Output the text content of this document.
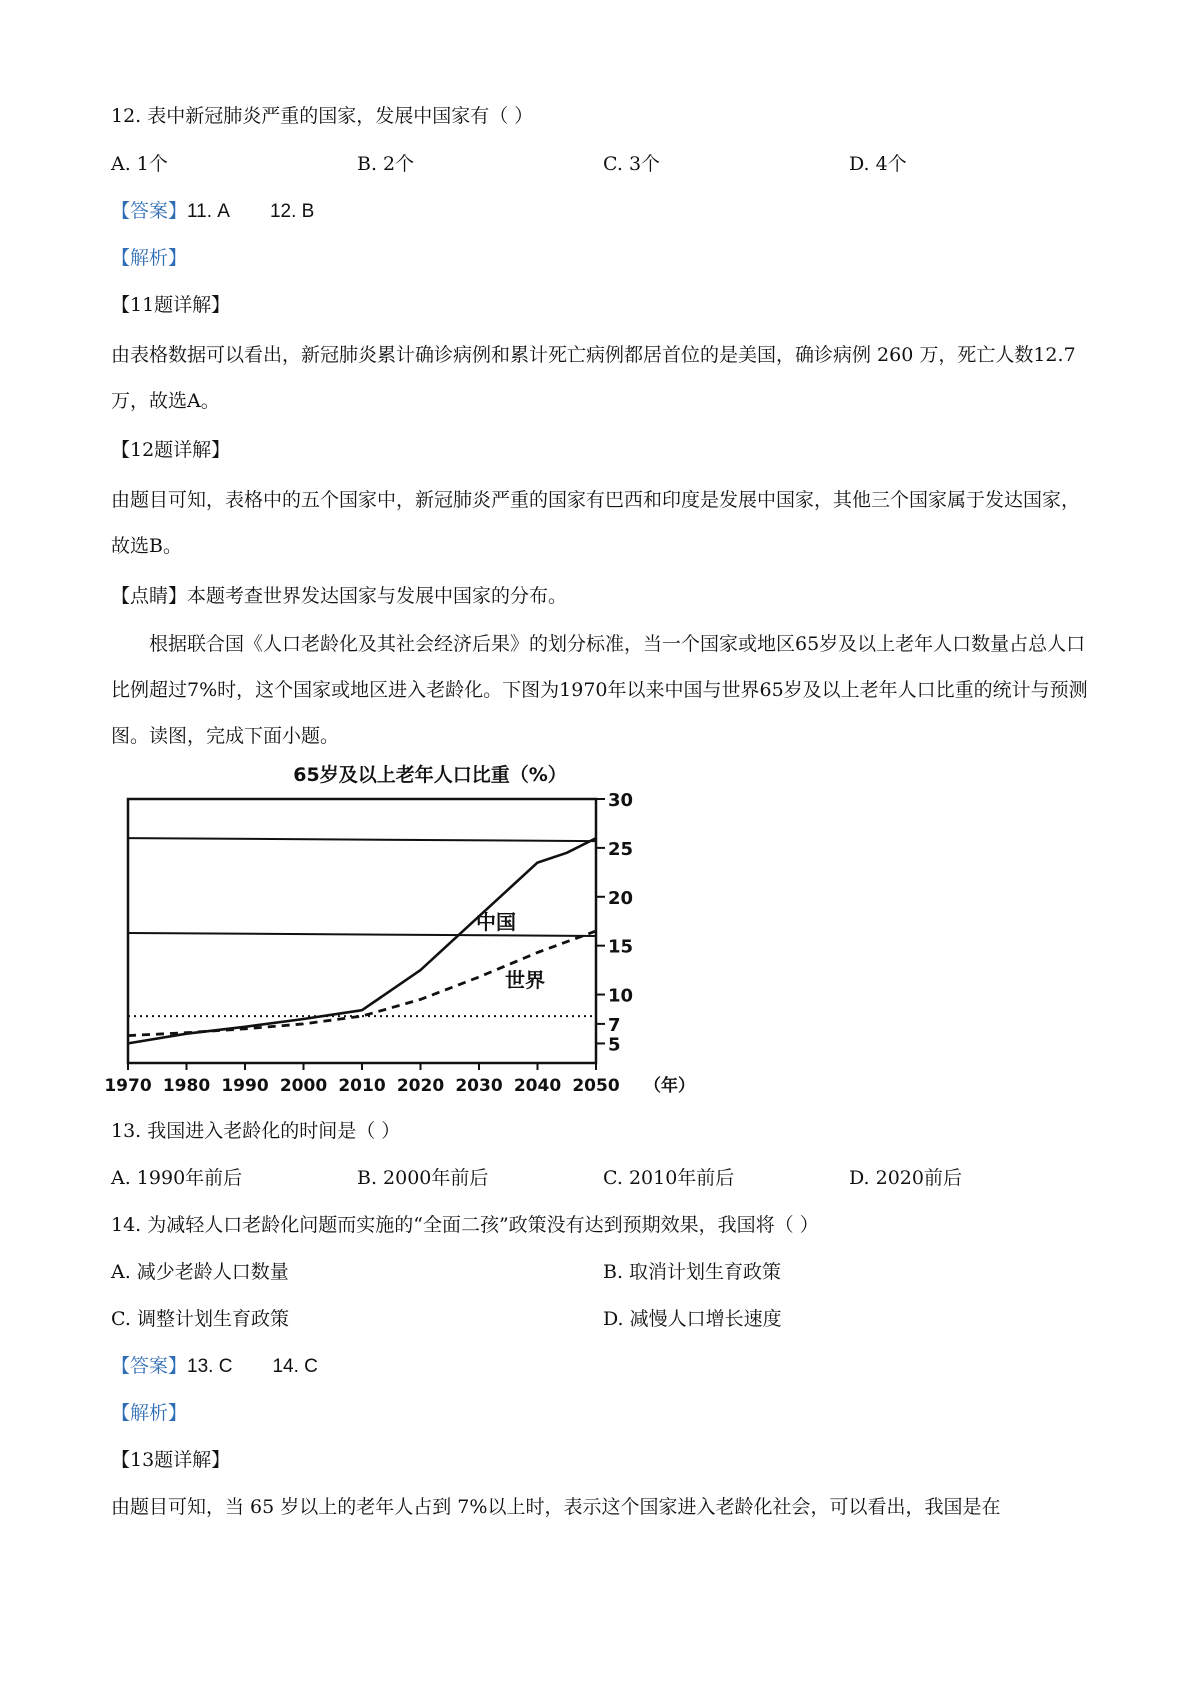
12. 表中新冠肺炎严重的国家，发展中国家有（ ）
A. 1个	B. 2个	C. 3个	D. 4个
【答案】11. A 12. B
【解析】
【11题详解】
由表格数据可以看出，新冠肺炎累计确诊病例和累计死亡病例都居首位的是美国，确诊病例 260 万，死亡人数12.7万，故选A。
【12题详解】
由题目可知，表格中的五个国家中，新冠肺炎严重的国家有巴西和印度是发展中国家，其他三个国家属于发达国家，故选B。
【点睛】本题考查世界发达国家与发展中国家的分布。
根据联合国《人口老龄化及其社会经济后果》的划分标准，当一个国家或地区65岁及以上老年人口数量占总人口比例超过7%时，这个国家或地区进入老龄化。下图为1970年以来中国与世界65岁及以上老年人口比重的统计与预测图。读图，完成下面小题。
65岁及以上老年人口比重（%）
5
7
10
15
20
25
30
1970 1980 1990 2000 2010 2020 2030 2040 2050
中国
世界
（年）
13. 我国进入老龄化的时间是（ ）
A. 1990年前后	B. 2000年前后	C. 2010年前后	D. 2020前后
14. 为减轻人口老龄化问题而实施的“全面二孩”政策没有达到预期效果，我国将（ ）
A. 减少老龄人口数量	B. 取消计划生育政策
C. 调整计划生育政策	D. 减慢人口增长速度
【答案】13. C 14. C
【解析】
【13题详解】
由题目可知，当 65 岁以上的老年人占到 7%以上时，表示这个国家进入老龄化社会，可以看出，我国是在
